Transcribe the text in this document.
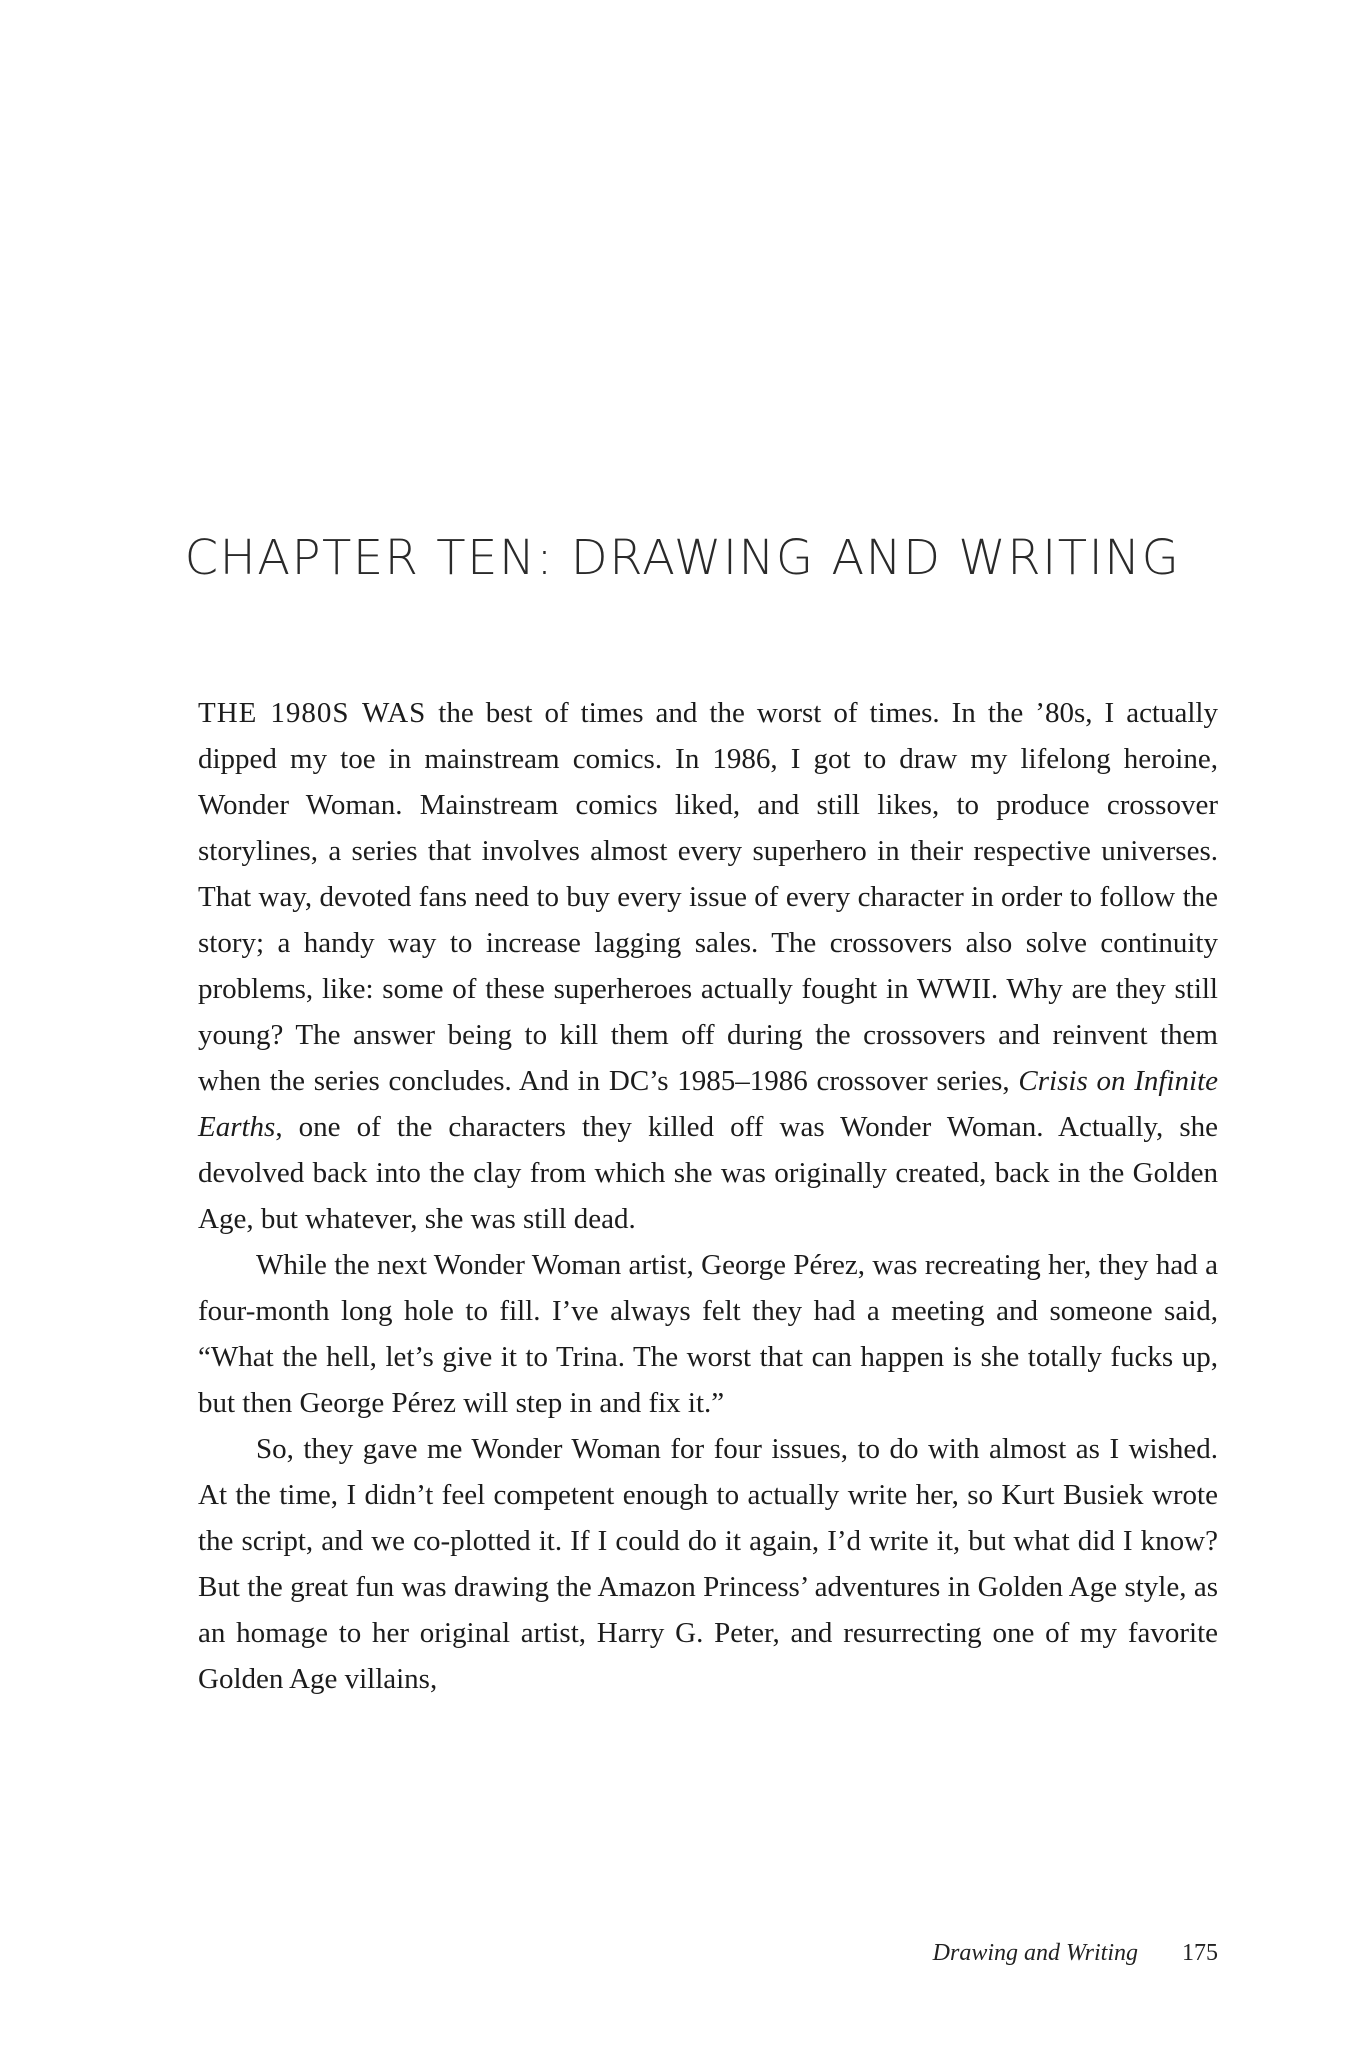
CHAPTER TEN: DRAWING AND WRITING

THE 1980S WAS the best of times and the worst of times. In the ’80s, I actually dipped my toe in mainstream comics. In 1986, I got to draw my lifelong heroine, Wonder Woman. Mainstream comics liked, and still likes, to produce crossover storylines, a series that involves almost every superhero in their respective universes. That way, devoted fans need to buy every issue of every character in order to follow the story; a handy way to increase lagging sales. The crossovers also solve continuity problems, like: some of these superheroes actually fought in WWII. Why are they still young? The answer being to kill them off during the crossovers and reinvent them when the series concludes. And in DC’s 1985–1986 crossover series, Crisis on Infinite Earths, one of the characters they killed off was Wonder Woman. Actually, she devolved back into the clay from which she was originally created, back in the Golden Age, but whatever, she was still dead.

While the next Wonder Woman artist, George Pérez, was recreating her, they had a four-month long hole to fill. I’ve always felt they had a meeting and someone said, “What the hell, let’s give it to Trina. The worst that can happen is she totally fucks up, but then George Pérez will step in and fix it.”

So, they gave me Wonder Woman for four issues, to do with almost as I wished. At the time, I didn’t feel competent enough to actually write her, so Kurt Busiek wrote the script, and we co-plotted it. If I could do it again, I’d write it, but what did I know? But the great fun was drawing the Amazon Princess’ adventures in Golden Age style, as an homage to her original artist, Harry G. Peter, and resurrecting one of my favorite Golden Age villains,

Drawing and Writing 175
